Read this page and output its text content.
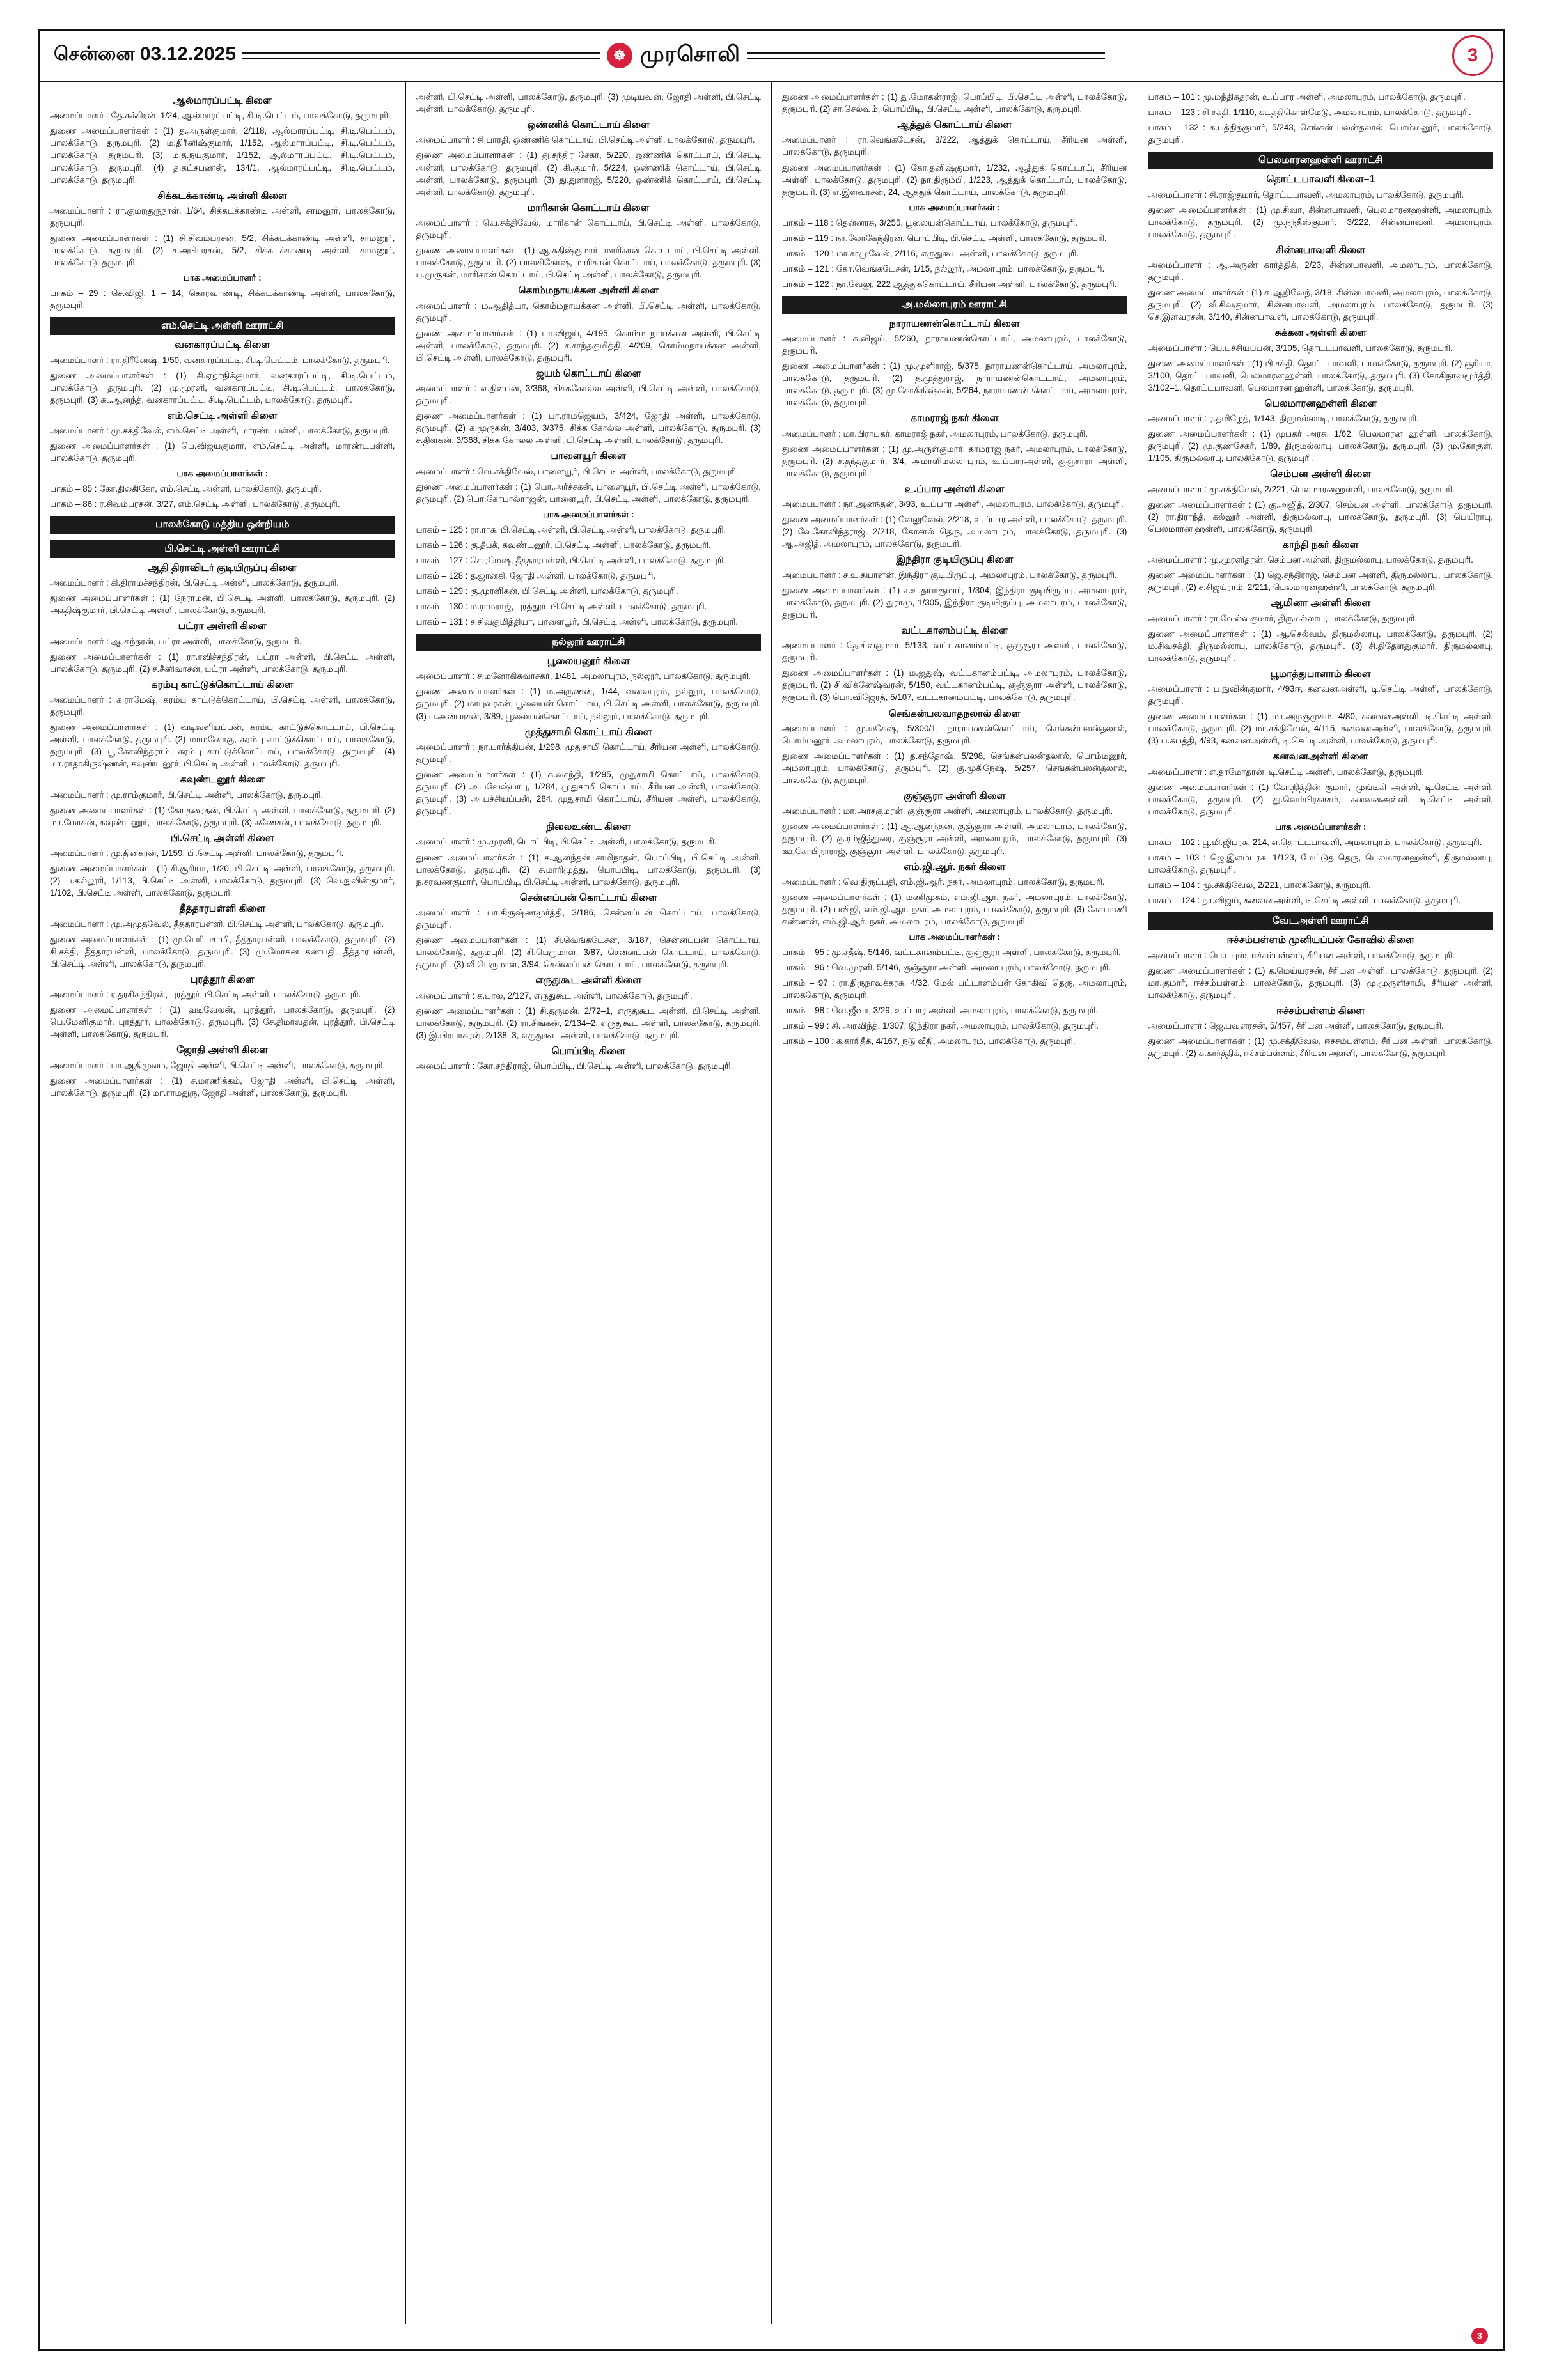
சென்னை 03.12.2025	☸ முரசொலி	3
ஆல்மாரப்பட்டி கிளை
அமைப்பாளர் : தே.கக்கிரன், 1/24, ஆல்மாரப்பட்டி, சி.டி.பெட்டம், பாலக்கோடு, தருமபுரி.
துணை அமைப்பாளர்கள் : (1) த.அருள்குமார், 2/118, ஆல்மாரப்பட்டி, சி.டி.பெட்டம், பாலக்கோடு, தருமபுரி. (2) ம.திரீனிஷ்குமார், 1/152, ஆல்மாரப்பட்டி, சி.டி.பெட்டம், பாலக்கோடு, தருமபுரி. (3) ம.த.நயகுமார், 1/152, ஆல்மாரப்பட்டி, சி.டி.பெட்டம், பாலக்கோடு, தருமபுரி. (4) த.கட்சபணன், 134/1, ஆல்மாரப்பட்டி, சி.டி.பெட்டம், பாலக்கோடு, தருமபுரி.
சிக்கடக்காண்டி அள்ளி கிளை
அமைப்பாளர் : ரா.குமரகுருநாள், 1/64, சிக்கடக்காண்டி அள்ளி, சாமனூர், பாலக்கோடு, தருமபுரி.
துணை அமைப்பாளர்கள் : (1) சி.சிவம்பரசன், 5/2, சிக்கடக்காண்டி அள்ளி, சாமனூர், பாலக்கோடு, தருமபுரி. (2) ச.அபிபரசன், 5/2, சிக்கடக்காண்டி அள்ளி, சாமனூர், பாலக்கோடு, தருமபுரி.
பாக அமைப்பாளர் :
பாகம் – 29 : செ.விஜி, 1 – 14, கொரவாண்டி, சிக்கடக்காண்டி அள்ளி, பாலக்கோடு, தருமபுரி.
எம்.செட்டி அள்ளி ஊராட்சி
வனகாரப்பட்டி கிளை
அமைப்பாளர் : ரா.திரீனேஷ், 1/50, வனகாரப்பட்டி, சி.டி.பெட்டம், பாலக்கோடு, தருமபுரி.
துணை அமைப்பாளர்கள் : (1) சி.ஏறாநிக்குமார், வனகாரப்பட்டி, சி.டி.பெட்டம், பாலக்கோடு, தருமபுரி. (2) மு.முரளி, வனகாரப்பட்டி, சி.டி.பெட்டம், பாலக்கோடு, தருமபுரி. (3) கூ.ஆனந்த், வனகாரப்பட்டி, சி.டி.பெட்டம், பாலக்கோடு, தருமபுரி.
எம்.செட்டி அள்ளி கிளை
அமைப்பாளர் : மு.சக்திவேல், எம்.செட்டி அள்ளி, மாரண்டபள்ளி, பாலக்கோடு, தருமபுரி.
துணை அமைப்பாளர்கள் : (1) பெ.விஜயகுமார், எம்.செட்டி அள்ளி, மாரண்டபள்ளி, பாலக்கோடு, தருமபுரி.
பாக அமைப்பாளர்கள் :
பாகம் – 85 : கோ.திலகிகோ, எம்.செட்டி அள்ளி, பாலக்கோடு, தருமபுரி.
பாகம் – 86 : ர.சிவம்பரசன், 3/27, எம்.செட்டி அள்ளி, பாலக்கோடு, தருமபுரி.
பாலக்கோடு மத்திய ஒன்றியம்
பி.செட்டி அள்ளி ஊராட்சி
ஆதி திராவிடர் குடியிருப்பு கிளை
அமைப்பாளர் : கி.திராமச்சந்திரன், பி.செட்டி அள்ளி, பாலக்கோடு, தருமபுரி.
துணை அமைப்பாளர்கள் : (1) நேராமன், பி.செட்டி அள்ளி, பாலக்கோடு, தருமபுரி. (2) அகதிஷ்குமார், பி.செட்டி அள்ளி, பாலக்கோடு, தருமபுரி.
பட்ரா அள்ளி கிளை
அமைப்பாளர் : ஆ.சுந்தரன், பட்ரா அள்ளி, பாலக்கோடு, தருமபுரி.
துணை அமைப்பாளர்கள் : (1) ரா.ரவிச்சந்திரன், பட்ரா அள்ளி, பி.செட்டி அள்ளி, பாலக்கோடு, தருமபுரி. (2) ச.சீனிவாசன், பட்ரா அள்ளி, பாலக்கோடு, தருமபுரி.
கரம்பு காட்டுக்கொட்டாய் கிளை
அமைப்பாளர் : க.ராமேஷ், கரம்பு காட்டுக்கொட்டாய், பி.செட்டி அள்ளி, பாலக்கோடு, தருமபுரி.
துணை அமைப்பாளர்கள் : (1) வடிவளியப்பன், கரம்பு காட்டுக்கொட்டாய், பி.செட்டி அள்ளி, பாலக்கோடு, தருமபுரி. (2) மாமனோகு, கரம்பு காட்டுக்கொட்டாய், பாலக்கோடு, தருமபுரி. (3) பூ.கோவிந்தராம், கரம்பு காட்டுக்கொட்டாய், பாலக்கோடு, தருமபுரி. (4) மா.ராதாகிருஷ்ணன், கவுண்டனூர், பி.செட்டி அள்ளி, பாலக்கோடு, தருமபுரி.
கவுண்டனூர் கிளை
அமைப்பாளர் : மு.ராம்குமார், பி.செட்டி அள்ளி, பாலக்கோடு, தருமபுரி.
துணை அமைப்பாளர்கள் : (1) கோ.தரைதன், பி.செட்டி அள்ளி, பாலக்கோடு, தருமபுரி. (2) மா.மோகன், கவுண்டனூர், பாலக்கோடு, தருமபுரி. (3) கணேசன், பாலக்கோடு, தருமபுரி.
பி.செட்டி அள்ளி கிளை
அமைப்பாளர் : மு.தினகரன், 1/159, பி.செட்டி அள்ளி, பாலக்கோடு, தருமபுரி.
துணை அமைப்பாளர்கள் : (1) சி.சூரியா, 1/20, பி.செட்டி அள்ளி, பாலக்கோடு, தருமபுரி. (2) ப.கல்லூரி, 1/113, பி.செட்டி அள்ளி, பாலக்கோடு, தருமபுரி. (3) வெ.நுவின்குமார், 1/102, பி.செட்டி அள்ளி, பாலக்கோடு, தருமபுரி.
தீத்தாரபள்ளி கிளை
அமைப்பாளர் : மு.அமுதவேல், தீத்தாரபள்ளி, பி.செட்டி அள்ளி, பாலக்கோடு, தருமபுரி.
துணை அமைப்பாளர்கள் : (1) மு.பெரியசாமி, தீத்தாரபள்ளி, பாலக்கோடு, தருமபுரி. (2) சி.சக்தி, தீத்தாரபள்ளி, பாலக்கோடு, தருமபுரி. (3) மு.மோகன கணபதி, தீத்தாரபள்ளி, பி.செட்டி அள்ளி, பாலக்கோடு, தருமபுரி.
புரத்தூர் கிளை
அமைப்பாளர் : ர.தரசிகந்திரன், புரத்தூர், பி.செட்டி அள்ளி, பாலக்கோடு, தருமபுரி.
துணை அமைப்பாளர்கள் : (1) வடிவேலன், புரத்தூர், பாலக்கோடு, தருமபுரி. (2) பெ.மேனிகுமார், புரத்தூர், பாலக்கோடு, தருமபுரி. (3) சே.திமாவதன், புரத்தூர், பி.செட்டி அள்ளி, பாலக்கோடு, தருமபுரி.
ஜோதி அள்ளி கிளை
அமைப்பாளர் : பா.ஆதிமூலம், ஜோதி அள்ளி, பி.செட்டி அள்ளி, பாலக்கோடு, தருமபுரி.
துணை அமைப்பாளர்கள் : (1) ச.மாணிக்கம், ஜோதி அள்ளி, பி.செட்டி அள்ளி, பாலக்கோடு, தருமபுரி. (2) மா.ராமதுரு, ஜோதி அள்ளி, பாலக்கோடு, தருமபுரி.
அள்ளி, பி.செட்டி அள்ளி, பாலக்கோடு, தருமபுரி. (3) முடியவன், ஜோதி அள்ளி, பி.செட்டி அள்ளி, பாலக்கோடு, தருமபுரி.
ஒண்ணிக் கொட்டாய் கிளை
அமைப்பாளர் : சி.பாரதி, ஒண்ணிக் கொட்டாய், பி.செட்டி அள்ளி, பாலக்கோடு, தருமபுரி.
துணை அமைப்பாளர்கள் : (1) து.சந்திர சேகர், 5/220, ஒண்ணிக் கொட்டாய், பி.செட்டி அள்ளி, பாலக்கோடு, தருமபுரி. (2) கி.குமார், 5/224, ஒண்ணிக் கொட்டாய், பி.செட்டி அள்ளி, பாலக்கோடு, தருமபுரி. (3) து.துளாரஜ், 5/220, ஒண்ணிக் கொட்டாய், பி.செட்டி அள்ளி, பாலக்கோடு, தருமபுரி.
மாரிகான் கொட்டாய் கிளை
அமைப்பாளர் : வெ.சக்திவேல், மாரிகான் கொட்டாய், பி.செட்டி அள்ளி, பாலக்கோடு, தருமபுரி.
துணை அமைப்பாளர்கள் : (1) ஆ.சுதிஷ்குமார், மாரிகான் கொட்டாய், பி.செட்டி அள்ளி, பாலக்கோடு, தருமபுரி. (2) பாலகிகோஷ், மாரிகான் கொட்டாய், பாலக்கோடு, தருமபுரி. (3) ப.முருகன், மாரிகான் கொட்டாய், பி.செட்டி அள்ளி, பாலக்கோடு, தருமபுரி.
கொம்மநாயக்கன அள்ளி கிளை
அமைப்பாளர் : ம.ஆதித்யா, கொம்மநாயக்கன அள்ளி, பி.செட்டி அள்ளி, பாலக்கோடு, தருமபுரி.
துணை அமைப்பாளர்கள் : (1) பா.விஜய், 4/195, கொம்ம நாயக்கன அள்ளி, பி.செட்டி அள்ளி, பாலக்கோடு, தருமபுரி. (2) ச.சாந்தகுமித்தி, 4/209, கொம்மநாயக்கன அள்ளி, பி.செட்டி அள்ளி, பாலக்கோடு, தருமபுரி.
ஜயம் கொட்டாய் கிளை
அமைப்பாளர் : எ.திளபன், 3/368, சிக்ககோல்ல அள்ளி, பி.செட்டி அள்ளி, பாலக்கோடு, தருமபுரி.
துணை அமைப்பாளர்கள் : (1) பா.ராமஜெயம், 3/424, ஜோதி அள்ளி, பாலக்கோடு, தருமபுரி. (2) க.முருகன், 3/403, 3/375, சிக்க கோல்ல அள்ளி, பாலக்கோடு, தருமபுரி. (3) ச.திளகன், 3/368, சிக்க கோல்ல அள்ளி, பி.செட்டி அள்ளி, பாலக்கோடு, தருமபுரி.
பாளையூர் கிளை
அமைப்பாளர் : வெ.சக்திவேல், பாளையூர், பி.செட்டி அள்ளி, பாலக்கோடு, தருமபுரி.
துணை அமைப்பாளர்கள் : (1) பொ.அர்ச்சகன், பாளையூர், பி.செட்டி அள்ளி, பாலக்கோடு, தருமபுரி. (2) பொ.கோபால்ராஜன், பாளையூர், பி.செட்டி அள்ளி, பாலக்கோடு, தருமபுரி.
பாக அமைப்பாளர்கள் :
பாகம் – 125 : ரா.ராசு, பி.செட்டி அள்ளி, பி.செட்டி அள்ளி, பாலக்கோடு, தருமபுரி.
பாகம் – 126 : கு.தீபக், கவுண்டனூர், பி.செட்டி அள்ளி, பாலக்கோடு, தருமபுரி.
பாகம் – 127 : செ.ரமேஷ், தீத்தாரபள்ளி, பி.செட்டி அள்ளி, பாலக்கோடு, தருமபுரி.
பாகம் – 128 : த.ஜானகி, ஜோதி அள்ளி, பாலக்கோடு, தருமபுரி.
பாகம் – 129 : கு.முரளிகன், பி.செட்டி அள்ளி, பாலக்கோடு, தருமபுரி.
பாகம் – 130 : ம.ராமராஜ், புரத்தூர், பி.செட்டி அள்ளி, பாலக்கோடு, தருமபுரி.
பாகம் – 131 : ச.சிவகுமித்தியா, பாளையூர், பி.செட்டி அள்ளி, பாலக்கோடு, தருமபுரி.
நல்லூர் ஊராட்சி
பூலையனூர் கிளை
அமைப்பாளர் : ச.மனோகிகவாசகர், 1/481, அமலாபுரம், நல்லூர், பாலக்கோடு, தருமபுரி.
துணை அமைப்பாளர்கள் : (1) ம.அருணன், 1/44, வனலபுரம், நல்லூர், பாலக்கோடு, தருமபுரி. (2) மாபுவரசன், பூலையன் கொட்டாய், பி.செட்டி அள்ளி, பாலக்கோடு, தருமபுரி. (3) ப.அன்பரசன், 3/89, பூலையன்கொட்டாய், நல்லூர், பாலக்கோடு, தருமபுரி.
முத்துசாமி கொட்டாய் கிளை
அமைப்பாளர் : நா.பார்த்திபன், 1/298, முதுசாமி கொட்டாய், சீரியன அள்ளி, பாலக்கோடு, தருமபுரி.
துணை அமைப்பாளர்கள் : (1) க.வசந்தி, 1/295, முதுசாமி கொட்டாய், பாலக்கோடு, தருமபுரி. (2) அயவேஷ்பாபு, 1/284, முதுசாமி கொட்டாய், சீரியன அள்ளி, பாலக்கோடு, தருமபுரி. (3) அ.பச்சியப்பன், 284, முதுசாமி கொட்டாய், சீரியன அள்ளி, பாலக்கோடு, தருமபுரி.
நிலைஉண்ட கிளை
அமைப்பாளர் : மு.முரளி, பொப்பிடி, பி.செட்டி அள்ளி, பாலக்கோடு, தருமபுரி.
துணை அமைப்பாளர்கள் : (1) ச.ஆனந்தன் சாமிநாதன், பொப்பிடி, பி.செட்டி அள்ளி, பாலக்கோடு, தருமபுரி. (2) ச.மாரிமுத்து, பொப்பிடி, பாலக்கோடு, தருமபுரி. (3) ந.சரவணகுமார், பொப்பிடி, பி.செட்டி அள்ளி, பாலக்கோடு, தருமபுரி.
சென்னப்பன் கொட்டாய் கிளை
அமைப்பாளர் : பா.கிருஷ்ணமூர்த்தி, 3/186, சென்னப்பன் கொட்டாய், பாலக்கோடு, தருமபுரி.
துணை அமைப்பாளர்கள் : (1) சி.வெங்கடேசன், 3/187, சென்னப்பன் கொட்டாய், பாலக்கோடு, தருமபுரி. (2) சி.பெருமாள், 3/87, சென்னப்பன் கொட்டாய், பாலக்கோடு, தருமபுரி. (3) வீ.பெருமாள், 3/94, சென்னப்பன் கொட்டாய், பாலக்கோடு, தருமபுரி.
எருதுகூட அள்ளி கிளை
அமைப்பாளர் : க.பால, 2/127, எருதுகூட அள்ளி, பாலக்கோடு, தருமபுரி.
துணை அமைப்பாளர்கள் : (1) சி.தருமன், 2/72–1, எருதுகூட அள்ளி, பி.செட்டி அள்ளி, பாலக்கோடு, தருமபுரி. (2) ரா.சிங்கன், 2/134–2, எருதுகூட அள்ளி, பாலக்கோடு, தருமபுரி. (3) இ.பிரபாகரன், 2/138–3, எருதுகூட அள்ளி, பாலக்கோடு, தருமபுரி.
பொப்பிடி கிளை
அமைப்பாளர் : கோ.சந்திராஜ், பொப்பிடி, பி.செட்டி அள்ளி, பாலக்கோடு, தருமபுரி.
துணை அமைப்பாளர்கள் : (1) து.மோகன்ராஜ், பொப்பிடி, பி.செட்டி அள்ளி, பாலக்கோடு, தருமபுரி. (2) சா.செல்வம், பொப்பிடி, பி.செட்டி அள்ளி, பாலக்கோடு, தருமபுரி.
ஆத்துக் கொட்டாய் கிளை
அமைப்பாளர் : ரா.வெங்கடேசன், 3/222, ஆத்துக் கொட்டாய், சீரியன அள்ளி, பாலக்கோடு, தருமபுரி.
துணை அமைப்பாளர்கள் : (1) கோ.தனிஷ்குமார், 1/232, ஆத்துக் கொட்டாய், சீரியன அள்ளி, பாலக்கோடு, தருமபுரி. (2) நா.திரும்பி, 1/223, ஆத்துக் கொட்டாய், பாலக்கோடு, தருமபுரி. (3) எ.இளவரசன், 24, ஆத்துக் கொட்டாய், பாலக்கோடு, தருமபுரி.
பாக அமைப்பாளர்கள் :
பாகம் – 118 : தென்னரசு, 3/255, பூலையன்கொட்டாய், பாலக்கோடு, தருமபுரி.
பாகம் – 119 : நா.லோகேந்திரன், பொப்பிடி, பி.செட்டி அள்ளி, பாலக்கோடு, தருமபுரி.
பாகம் – 120 : மா.சாமுவேல், 2/116, எருதுகூட அள்ளி, பாலக்கோடு, தருமபுரி.
பாகம் – 121 : கோ.வெங்கடேசன், 1/15, நல்லூர், அமலாபுரம், பாலக்கோடு, தருமபுரி.
பாகம் – 122 : நா.வேலு, 222 ஆத்துக்கொட்டாய், சீரியன அள்ளி, பாலக்கோடு, தருமபுரி.
அ.மல்லாபுரம் ஊராட்சி
நாராயணன்கொட்டாய் கிளை
அமைப்பாளர் : சு.விஜய், 5/260, நாராயணன்கொட்டாய், அமலாபுரம், பாலக்கோடு, தருமபுரி.
துணை அமைப்பாளர்கள் : (1) மு.முளிராஜ், 5/375, நாராயணன்கொட்டாய், அமலாபுரம், பாலக்கோடு, தருமபுரி. (2) த.முத்துராஜ், நாராயணன்கொட்டாய், அமலாபுரம், பாலக்கோடு, தருமபுரி. (3) மு.கோகிநிஷ்கன், 5/264, நாராயணன் கொட்டாய், அமலாபுரம், பாலக்கோடு, தருமபுரி.
காமராஜ் நகர் கிளை
அமைப்பாளர் : மா.பிராபகர், காமராஜ் நகர், அமலாபுரம், பாலக்கோடு, தருமபுரி.
துணை அமைப்பாளர்கள் : (1) மு.அருள்குமார், காமராஜ் நகர், அமலாபுரம், பாலக்கோடு, தருமபுரி. (2) ச.தந்தகுமார், 3/4, அமாளிமல்லாபுரம், உ.ப்பாரஅள்ளி, குஞ்சாரா அள்ளி, பாலக்கோடு, தருமபுரி.
உ.ப்பார அள்ளி கிளை
அமைப்பாளர் : நா.ஆனந்தன், 3/93, உ.ப்பார அள்ளி, அமலாபுரம், பாலக்கோடு, தருமபுரி.
துணை அமைப்பாளர்கள் : (1) வேலுவேல், 2/218, உ.ப்பார அள்ளி, பாலக்கோடு, தருமபுரி. (2) வேகோவிந்தராஜ், 2/218, கோசால் தெரு, அமலாபுரம், பாலக்கோடு, தருமபுரி. (3) ஆ.அஜித், அமலாபுரம், பாலக்கோடு, தருமபுரி.
இந்திரா குடியிருப்பு கிளை
அமைப்பாளர் : ச.உ.தயாளன், இந்திரா குடியிருப்பு, அமலாபுரம், பாலக்கோடு, தருமபுரி.
துணை அமைப்பாளர்கள் : (1) ச.உ.தயாகுமார், 1/304, இந்திரா குடியிருப்பு, அமலாபுரம், பாலக்கோடு, தருமபுரி. (2) துராமு, 1/305, இந்திரா குடியிருப்பு, அமலாபுரம், பாலக்கோடு, தருமபுரி.
வட்டகானம்பட்டி கிளை
அமைப்பாளர் : தே.சிவகுமார், 5/133, வட்டகானம்பட்டி, குஞ்சூரா அள்ளி, பாலக்கோடு, தருமபுரி.
துணை அமைப்பாளர்கள் : (1) ம.ஜதுஷ், வட்டகானம்பட்டி, அமலாபுரம், பாலக்கோடு, தருமபுரி. (2) சி.விக்னேஷ்வரன், 5/150, வட்டகானம்பட்டி, குஞ்சூரா அள்ளி, பாலக்கோடு, தருமபுரி. (3) பொ.விஜேரத், 5/107, வட்டகானம்பட்டி, பாலக்கோடு, தருமபுரி.
செங்கன்பலவாதநலால் கிளை
அமைப்பாளர் : மு.மகேஷ், 5/300/1, நாராயணன்கொட்டாய், செங்கன்பலன்தலால், பொம்மனூர், அமலாபுரம், பாலக்கோடு, தருமபுரி.
துணை அமைப்பாளர்கள் : (1) த.சந்தோஷ், 5/298, செங்கன்பலன்தலால், பொம்மனூர், அமலாபுரம், பாலக்கோடு, தருமபுரி. (2) கு.முகிநேஷ், 5/257, செங்கன்பலன்தலால், பாலக்கோடு, தருமபுரி.
குஞ்சூரா அள்ளி கிளை
அமைப்பாளர் : மா.அரசகுமரன், குஞ்சூரா அள்ளி, அமலாபுரம், பாலக்கோடு, தருமபுரி.
துணை அமைப்பாளர்கள் : (1) ஆ.ஆனந்தன், குஞ்சூரா அள்ளி, அமலாபுரம், பாலக்கோடு, தருமபுரி. (2) கு.ரம்ஜித்துரை, குஞ்சூரா அள்ளி, அமலாபுரம், பாலக்கோடு, தருமபுரி. (3) ஊ.கோபிநாராஜ், குஞ்சூரா அள்ளி, பாலக்கோடு, தருமபுரி.
எம்.ஜி.ஆர். நகர் கிளை
அமைப்பாளர் : வெ.திருப்பதி, எம்.ஜி.ஆர். நகர், அமலாபுரம், பாலக்கோடு, தருமபுரி.
துணை அமைப்பாளர்கள் : (1) மணிமுகம், எம்.ஜி.ஆர். நகர், அமலாபுரம், பாலக்கோடு, தருமபுரி. (2) பவிஜி, எம்.ஜி.ஆர். நகர், அமலாபுரம், பாலக்கோடு, தருமபுரி. (3) கோபாணி கண்ணன், எம்.ஜி.ஆர். நகர், அமலாபுரம், பாலக்கோடு, தருமபுரி.
பாக அமைப்பாளர்கள் :
பாகம் – 95 : மு.சதீஷ், 5/146, வட்டகானம்பட்டி, குஞ்சூரா அள்ளி, பாலக்கோடு, தருமபுரி.
பாகம் – 96 : வெ.முரளி, 5/146, குஞ்சூரா அள்ளி, அமலா புரம், பாலக்கோடு, தருமபுரி.
பாகம் – 97 : ரா.திருநாவுக்கரசு, 4/32, மேல் பட்டாளம்பள் கோகிவி தெரு, அமலாபுரம், பாலக்கோடு, தருமபுரி.
பாகம் – 98 : வெ.ஜீவா, 3/29, உ.ப்பார அள்ளி, அமலாபுரம், பாலக்கோடு, தருமபுரி.
பாகம் – 99 : சி. அரவிந்த், 1/307, இந்திரா நகர், அமலாபுரம், பாலக்கோடு, தருமபுரி.
பாகம் – 100 : க.காரிதீக், 4/167, நடு வீதி, அமலாபுரம், பாலக்கோடு, தருமபுரி.
பாகம் – 101 : மு.மந்திசுதரன், உ.ப்பார அள்ளி, அமலாபுரம், பாலக்கோடு, தருமபுரி.
பாகம் – 123 : சி.சக்தி, 1/110, கடத்திகொள்மேடு, அமலாபுரம், பாலக்கோடு, தருமபுரி.
பாகம் – 132 : க.பத்திதகுமார், 5/243, செங்கன் பலன்தலால், பொம்மனூர், பாலக்கோடு, தருமபுரி.
பெலமாரனஹள்ளி ஊராட்சி
தொட்டபாவளி கிளை–1
அமைப்பாளர் : சி.ராஜ்குமார், தொட்டபாவளி, அமலாபுரம், பாலக்கோடு, தருமபுரி.
துணை அமைப்பாளர்கள் : (1) மு.சிவா, சின்னபாவளி, பெலமாரனஹள்ளி, அமலாபுரம், பாலக்கோடு, தருமபுரி. (2) மு.நந்தீஸ்குமார், 3/222, சின்னபாவளி, அமலாபுரம், பாலக்கோடு, தருமபுரி.
சின்னபாவளி கிளை
அமைப்பாளர் : ஆ.அருண் கார்த்திக், 2/23, சின்னபாவளி, அமலாபுரம், பாலக்கோடு, தருமபுரி.
துணை அமைப்பாளர்கள் : (1) சு.ஆறிவேந், 3/18, சின்னபாவளி, அமலாபுரம், பாலக்கோடு, தருமபுரி. (2) வீ.சிவகுமார், சின்னபாவளி, அமலாபுரம், பாலக்கோடு, தருமபுரி. (3) செ.இளவரசன், 3/140, சின்னபாவளி, பாலக்கோடு, தருமபுரி.
சுக்கன அள்ளி கிளை
அமைப்பாளர் : பெ.பச்சியப்பன், 3/105, தொட்டபாவளி, பாலக்கோடு, தருமபுரி.
துணை அமைப்பாளர்கள் : (1) பி.சக்தி, தொட்டபாவளி, பாலக்கோடு, தருமபுரி. (2) சூரியா, 3/100, தொட்டபாவளி, பெலமாரனஹள்ளி, பாலக்கோடு, தருமபுரி. (3) கோகிநாவமூர்த்தி, 3/102–1, தொட்டபாவளி, பெலமாரன ஹள்ளி, பாலக்கோடு, தருமபுரி.
பெலமாரனஹள்ளி கிளை
அமைப்பாளர் : ர.தமிழேத், 1/143, திருமல்லாடி, பாலக்கோடு, தருமபுரி.
துணை அமைப்பாளர்கள் : (1) முபகர் அரசு, 1/62, பெலமாரன ஹள்ளி, பாலக்கோடு, தருமபுரி. (2) மு.குணசேகர், 1/89, திருமல்லாபு, பாலக்கோடு, தருமபுரி. (3) மு.கோகுள், 1/105, திருமல்லாபு, பாலக்கோடு, தருமபுரி.
செம்பன அள்ளி கிளை
அமைப்பாளர் : மு.சக்திவேல், 2/221, பெலமாரனஹள்ளி, பாலக்கோடு, தருமபுரி.
துணை அமைப்பாளர்கள் : (1) கு.அஜித், 2/307, செம்பன அள்ளி, பாலக்கோடு, தருமபுரி. (2) ரா.திராந்த், கல்லூர் அள்ளி, திருமல்லாபு, பாலக்கோடு, தருமபுரி. (3) பெயிராபு, பெலமாரன ஹள்ளி, பாலக்கோடு, தருமபுரி.
காந்தி நகர் கிளை
அமைப்பாளர் : மு.முரளிதரன், செம்பன அள்ளி, திருமல்லாபு, பாலக்கோடு, தருமபுரி.
துணை அமைப்பாளர்கள் : (1) ஜெ.சந்திராஜ், செம்பன அள்ளி, திருமல்லாபு, பாலக்கோடு, தருமபுரி. (2) ச.சிஜய்ராம், 2/211, பெலமாரனஹள்ளி, பாலக்கோடு, தருமபுரி.
ஆமினா அள்ளி கிளை
அமைப்பாளர் : ரா.வேல்வுகுமார், திருமல்லாபு, பாலக்கோடு, தருமபுரி.
துணை அமைப்பாளர்கள் : (1) ஆ.செல்வம், திருமல்லாபு, பாலக்கோடு, தருமபுரி. (2) ம.சிவசக்தி, திருமல்லாபு, பாலக்கோடு, தருமபுரி. (3) சி.திதேளதுகுமார், திருமல்லாபு, பாலக்கோடு, தருமபுரி.
பூமாத்துபாளாம் கிளை
அமைப்பாளர் : ப.நுவின்குமார், 4/93ஈ, கனவனஅள்ளி, டி.செட்டி அள்ளி, பாலக்கோடு, தருமபுரி.
துணை அமைப்பாளர்கள் : (1) மா.அழகுமுகம், 4/80, கனவனஅள்ளி, டி.செட்டி அள்ளி, பாலக்கோடு, தருமபுரி. (2) மா.சக்திவேல், 4/115, கனவனஅள்ளி, பாலக்கோடு, தருமபுரி. (3) ப.சுபத்தி, 4/93, கனவனஅள்ளி, டி.செட்டி அள்ளி, பாலக்கோடு, தருமபுரி.
கனவனஅள்ளி கிளை
அமைப்பாளர் : எ.தாமோதரன், டி.செட்டி அள்ளி, பாலக்கோடு, தருமபுரி.
துணை அமைப்பாளர்கள் : (1) கோ.நித்தின் குமார், முங்டிகி அள்ளி, டி.செட்டி அள்ளி, பாலக்கோடு, தருமபுரி. (2) து.வெம்பிரகாசம், கனவனஅள்ளி, டி.செட்டி அள்ளி, பாலக்கோடு, தருமபுரி.
பாக அமைப்பாளர்கள் :
பாகம் – 102 : பூ.மி.ஜிபரசு, 214, எ.தொட்டபாவளி, அமலாபுரம், பாலக்கோடு, தருமபுரி.
பாகம் – 103 : ஜெ.இளம்பரசு, 1/123, மேட்டுத் தெரு, பெலமாரனஹள்ளி, திருமல்லாபு, பாலக்கோடு, தருமபுரி.
பாகம் – 104 : மு.சக்திவேல், 2/221, பாலக்கோடு, தருமபுரி.
பாகம் – 124 : நா.விஜய், கனவனஅள்ளி, டி.செட்டி அள்ளி, பாலக்கோடு, தருமபுரி.
வேடஅள்ளி ஊராட்சி
ஈச்சம்பள்ளம் முனியப்பன் கோவில் கிளை
அமைப்பாளர் : பெ.பபுஸ், ஈச்சம்பள்ளம், சீரியன அள்ளி, பாலக்கோடு, தருமபுரி.
துணை அமைப்பாளர்கள் : (1) க.மெய்யரசன், சீரியன அள்ளி, பாலக்கோடு, தருமபுரி. (2) மா.குமார், ஈச்சம்பள்ளம், பாலக்கோடு, தருமபுரி. (3) மு.முருளிசாமி, சீரியன அள்ளி, பாலக்கோடு, தருமபுரி.
ஈச்சம்பள்ளம் கிளை
அமைப்பாளர் : ஜெ.பவுளரசன், 5/457, சீரியன அள்ளி, பாலக்கோடு, தருமபுரி.
துணை அமைப்பாளர்கள் : (1) மு.சக்திவேல், ஈச்சம்பள்ளம், சீரியன அள்ளி, பாலக்கோடு, தருமபுரி. (2) க.கார்த்திக், ஈச்சம்பள்ளம், சீரியன அள்ளி, பாலக்கோடு, தருமபுரி.
3
